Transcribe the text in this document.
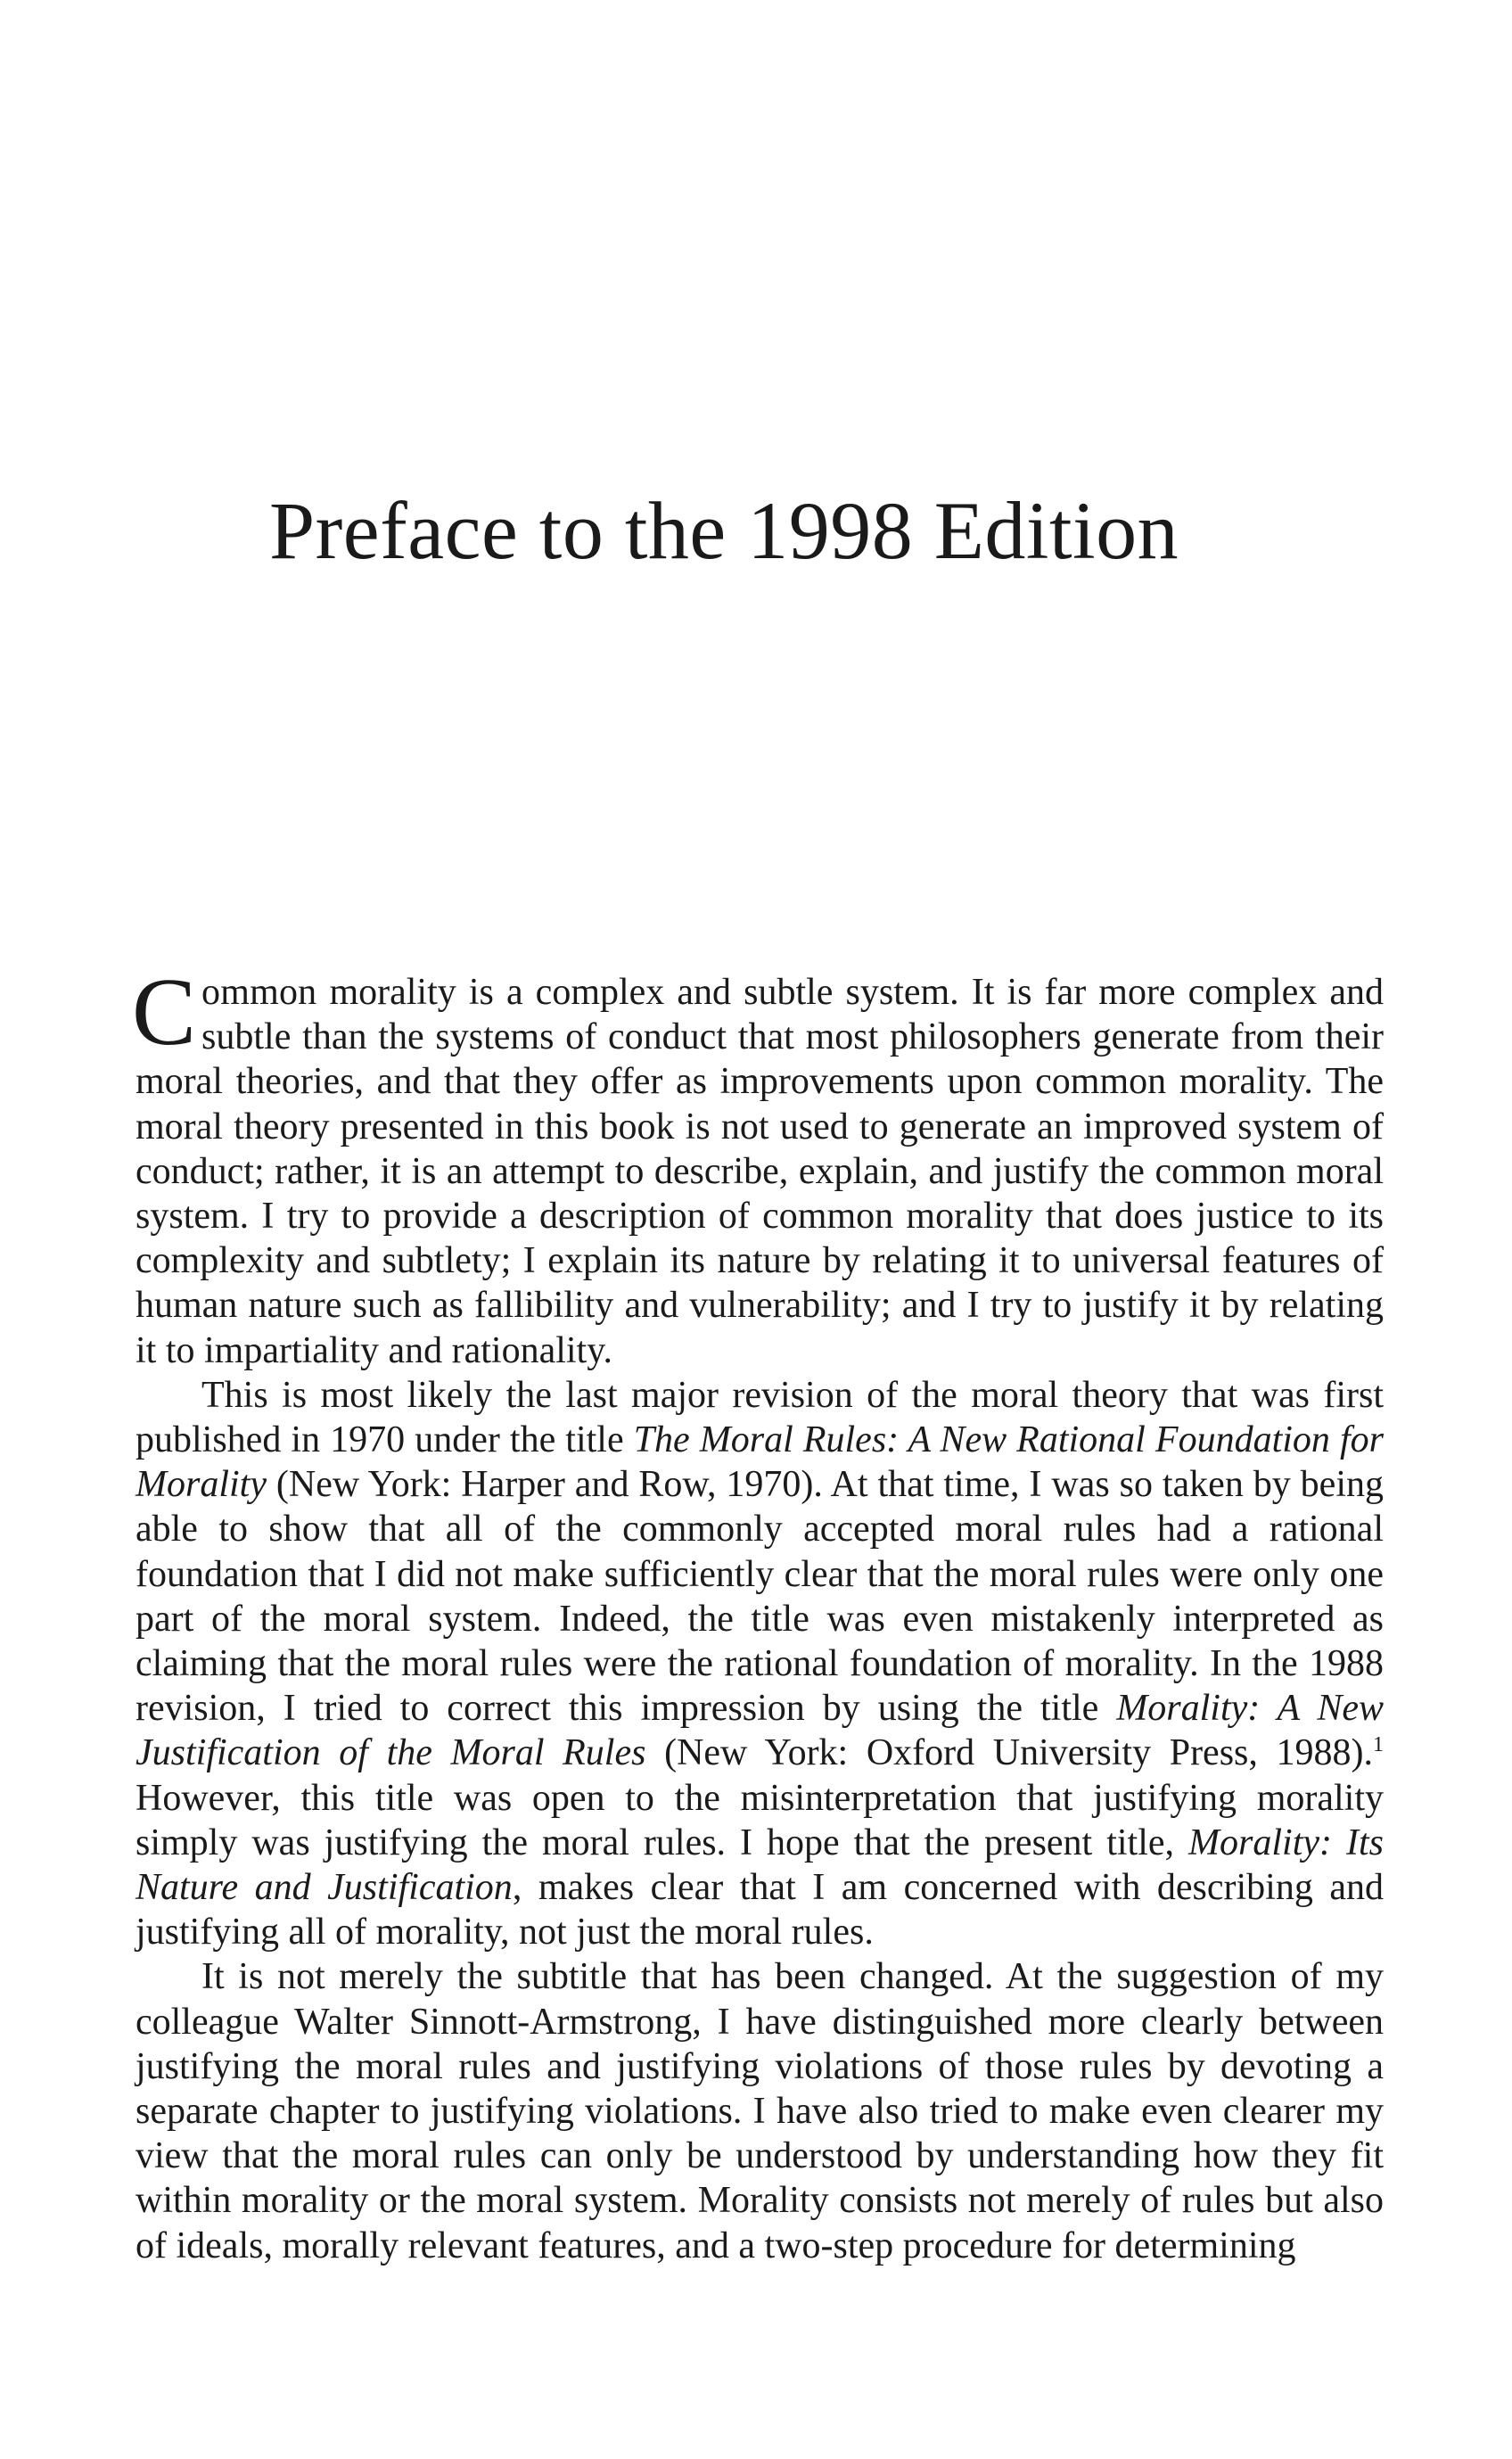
Preface to the 1998 Edition

Common morality is a complex and subtle system. It is far more complex and subtle than the systems of conduct that most philosophers generate from their moral theories, and that they offer as improvements upon common morality. The moral theory presented in this book is not used to generate an improved system of conduct; rather, it is an attempt to describe, explain, and justify the common moral system. I try to provide a description of common morality that does justice to its complexity and subtlety; I explain its nature by relating it to universal features of human nature such as fallibility and vulnerability; and I try to justify it by relating it to impartiality and rationality.

This is most likely the last major revision of the moral theory that was first published in 1970 under the title The Moral Rules: A New Rational Foundation for Morality (New York: Harper and Row, 1970). At that time, I was so taken by being able to show that all of the commonly accepted moral rules had a rational foundation that I did not make sufficiently clear that the moral rules were only one part of the moral system. Indeed, the title was even mistakenly interpreted as claiming that the moral rules were the rational foundation of morality. In the 1988 revision, I tried to correct this impression by using the title Morality: A New Justification of the Moral Rules (New York: Oxford University Press, 1988).$^1$ However, this title was open to the misinterpretation that justifying morality simply was justifying the moral rules. I hope that the present title, Morality: Its Nature and Justification, makes clear that I am concerned with describing and justifying all of morality, not just the moral rules.

It is not merely the subtitle that has been changed. At the suggestion of my colleague Walter Sinnott-Armstrong, I have distinguished more clearly between justifying the moral rules and justifying violations of those rules by devoting a separate chapter to justifying violations. I have also tried to make even clearer my view that the moral rules can only be understood by understanding how they fit within morality or the moral system. Morality consists not merely of rules but also of ideals, morally relevant features, and a two-step procedure for determining
